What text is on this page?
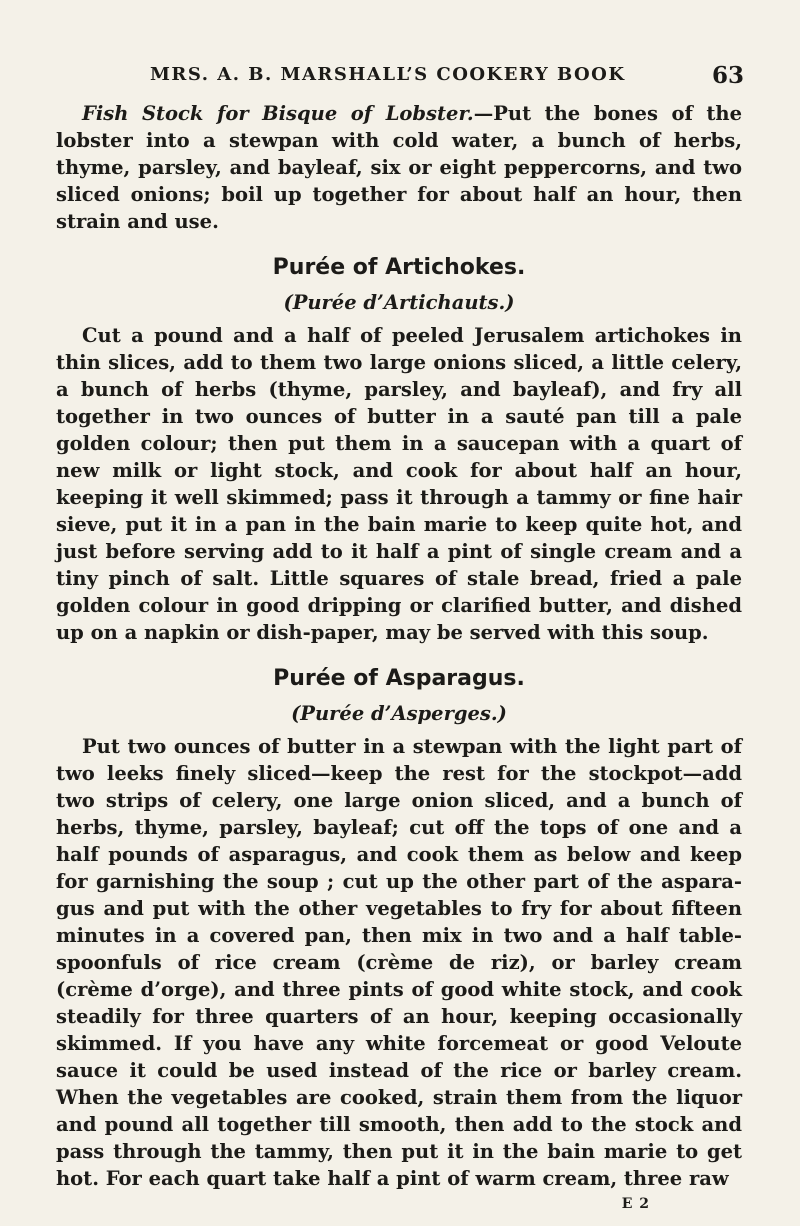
MRS. A. B. MARSHALL’S COOKERY BOOK	63

Fish Stock for Bisque of Lobster.—Put the bones of the lobster into a stewpan with cold water, a bunch of herbs, thyme, parsley, and bayleaf, six or eight peppercorns, and two sliced onions; boil up together for about half an hour, then strain and use.

Purée of Artichokes.
(Purée d’Artichauts.)

Cut a pound and a half of peeled Jerusalem artichokes in thin slices, add to them two large onions sliced, a little celery, a bunch of herbs (thyme, parsley, and bayleaf), and fry all together in two ounces of butter in a sauté pan till a pale golden colour; then put them in a saucepan with a quart of new milk or light stock, and cook for about half an hour, keeping it well skimmed; pass it through a tammy or fine hair sieve, put it in a pan in the bain marie to keep quite hot, and just before serving add to it half a pint of single cream and a tiny pinch of salt. Little squares of stale bread, fried a pale golden colour in good dripping or clarified butter, and dished up on a napkin or dish-paper, may be served with this soup.

Purée of Asparagus.
(Purée d’Asperges.)

Put two ounces of butter in a stewpan with the light part of two leeks finely sliced—keep the rest for the stockpot—add two strips of celery, one large onion sliced, and a bunch of herbs, thyme, parsley, bayleaf; cut off the tops of one and a half pounds of asparagus, and cook them as below and keep for garnishing the soup ; cut up the other part of the aspara- gus and put with the other vegetables to fry for about fifteen minutes in a covered pan, then mix in two and a half table- spoonfuls of rice cream (crème de riz), or barley cream (crème d’orge), and three pints of good white stock, and cook steadily for three quarters of an hour, keeping occasionally skimmed. If you have any white forcemeat or good Veloute sauce it could be used instead of the rice or barley cream. When the vegetables are cooked, strain them from the liquor and pound all together till smooth, then add to the stock and pass through the tammy, then put it in the bain marie to get hot. For each quart take half a pint of warm cream, three raw

E 2
